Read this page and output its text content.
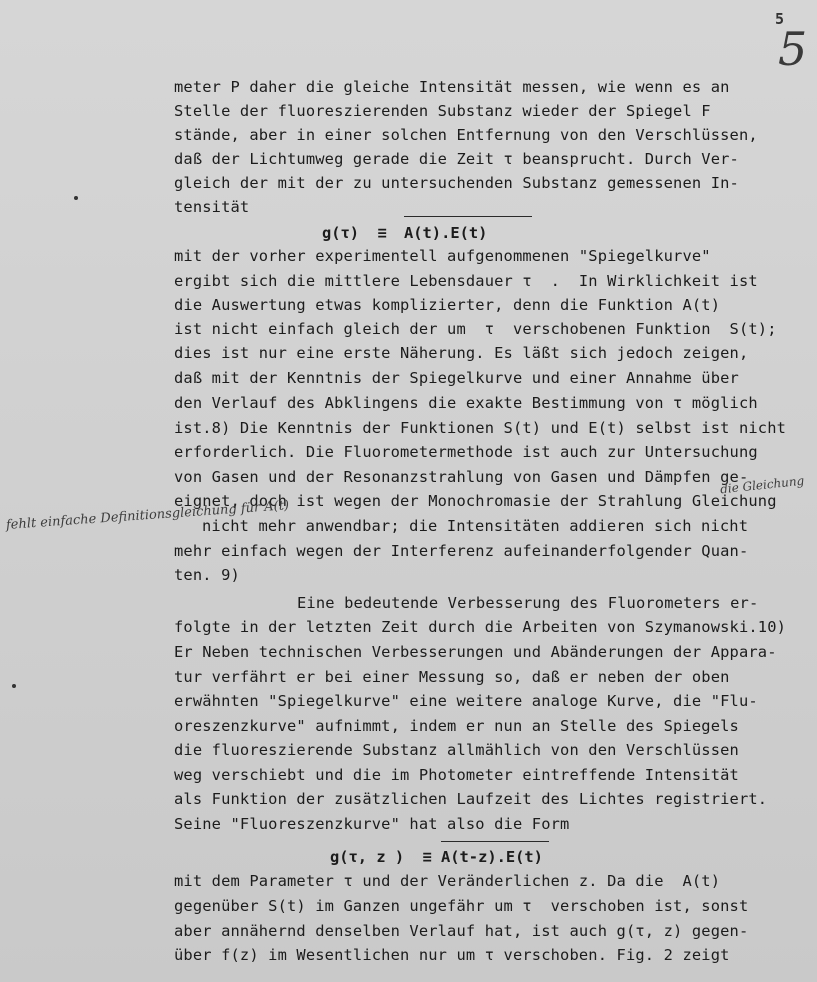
5
5
meter P daher die gleiche Intensität messen, wie wenn es an
Stelle der fluoreszierenden Substanz wieder der Spiegel F
stände, aber in einer solchen Entfernung von den Verschlüssen,
daß der Lichtumweg gerade die Zeit τ beansprucht. Durch Ver-
gleich der mit der zu untersuchenden Substanz gemessenen In-
tensität
g(τ)  ≡ A(t).E(t)
mit der vorher experimentell aufgenommenen "Spiegelkurve"
ergibt sich die mittlere Lebensdauer τ  .  In Wirklichkeit ist
die Auswertung etwas komplizierter, denn die Funktion A(t)
ist nicht einfach gleich der um  τ  verschobenen Funktion  S(t);
dies ist nur eine erste Näherung. Es läßt sich jedoch zeigen,
daß mit der Kenntnis der Spiegelkurve und einer Annahme über
den Verlauf des Abklingens die exakte Bestimmung von τ möglich
ist.8) Die Kenntnis der Funktionen S(t) und E(t) selbst ist nicht
erforderlich. Die Fluorometermethode ist auch zur Untersuchung
von Gasen und der Resonanzstrahlung von Gasen und Dämpfen ge-
eignet, doch ist wegen der Monochromasie der Strahlung Gleichung
nicht mehr anwendbar; die Intensitäten addieren sich nicht
mehr einfach wegen der Interferenz aufeinanderfolgender Quan-
ten. 9)
Eine bedeutende Verbesserung des Fluorometers er-
folgte in der letzten Zeit durch die Arbeiten von Szymanowski.10)
Er Neben technischen Verbesserungen und Abänderungen der Appara-
tur verfährt er bei einer Messung so, daß er neben der oben
erwähnten "Spiegelkurve" eine weitere analoge Kurve, die "Flu-
oreszenzkurve" aufnimmt, indem er nun an Stelle des Spiegels
die fluoreszierende Substanz allmählich von den Verschlüssen
weg verschiebt und die im Photometer eintreffende Intensität
als Funktion der zusätzlichen Laufzeit des Lichtes registriert.
Seine "Fluoreszenzkurve" hat also die Form
g(τ, z )  ≡ A(t-z).E(t)
mit dem Parameter τ und der Veränderlichen z. Da die  A(t)
gegenüber S(t) im Ganzen ungefähr um τ  verschoben ist, sonst
aber annähernd denselben Verlauf hat, ist auch g(τ, z) gegen-
über f(z) im Wesentlichen nur um τ verschoben. Fig. 2 zeigt
fehlt einfache Definitionsgleichung für A(t)
die Gleichung
